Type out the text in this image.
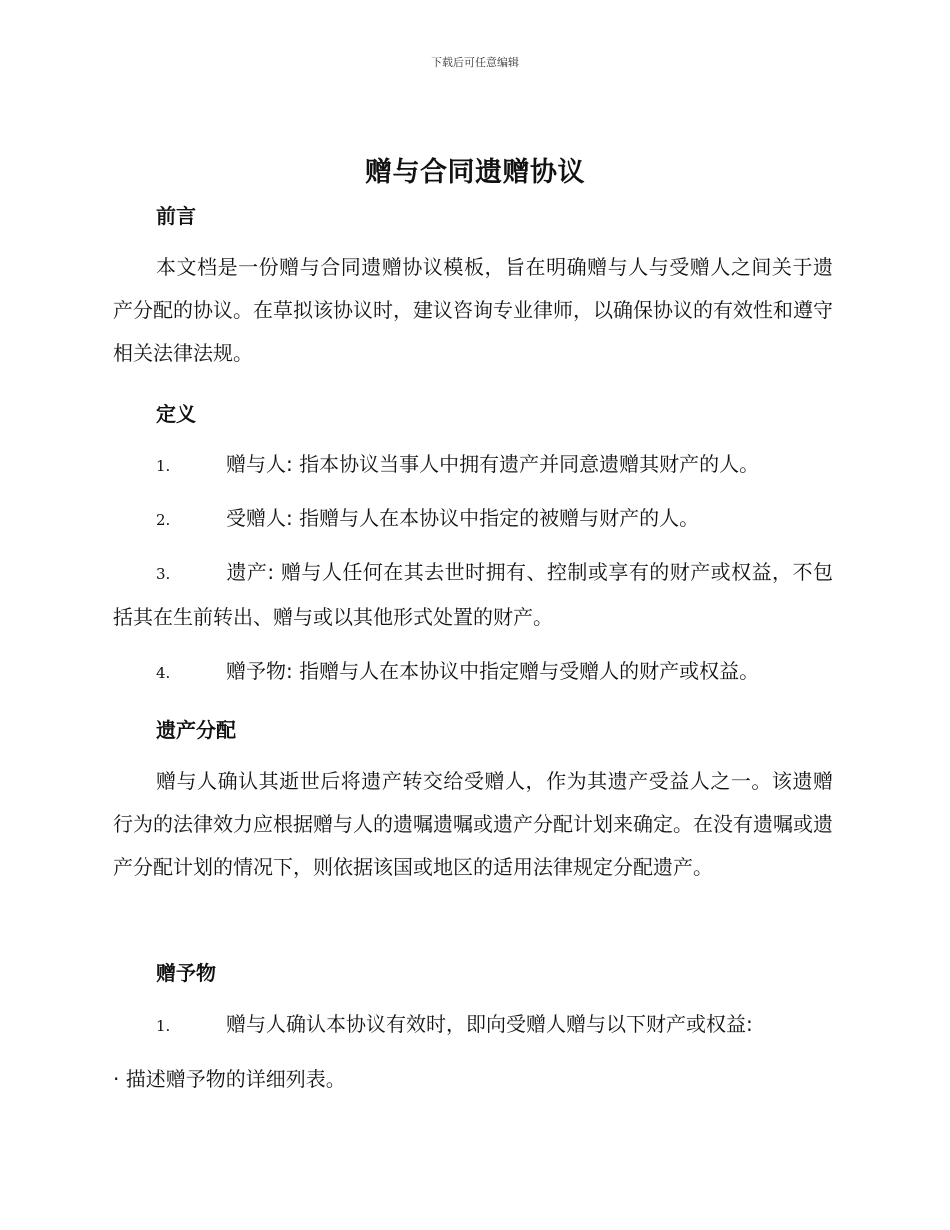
下载后可任意编辑
赠与合同遗赠协议
前言
本文档是一份赠与合同遗赠协议模板，旨在明确赠与人与受赠人之间关于遗产分配的协议。在草拟该协议时，建议咨询专业律师，以确保协议的有效性和遵守相关法律法规。
定义
1.	赠与人: 指本协议当事人中拥有遗产并同意遗赠其财产的人。
2.	受赠人: 指赠与人在本协议中指定的被赠与财产的人。
3.	遗产: 赠与人任何在其去世时拥有、控制或享有的财产或权益，不包括其在生前转出、赠与或以其他形式处置的财产。
4.	赠予物: 指赠与人在本协议中指定赠与受赠人的财产或权益。
遗产分配
赠与人确认其逝世后将遗产转交给受赠人，作为其遗产受益人之一。该遗赠行为的法律效力应根据赠与人的遗嘱遗嘱或遗产分配计划来确定。在没有遗嘱或遗产分配计划的情况下，则依据该国或地区的适用法律规定分配遗产。
赠予物
1.	赠与人确认本协议有效时，即向受赠人赠与以下财产或权益:
· 描述赠予物的详细列表。
